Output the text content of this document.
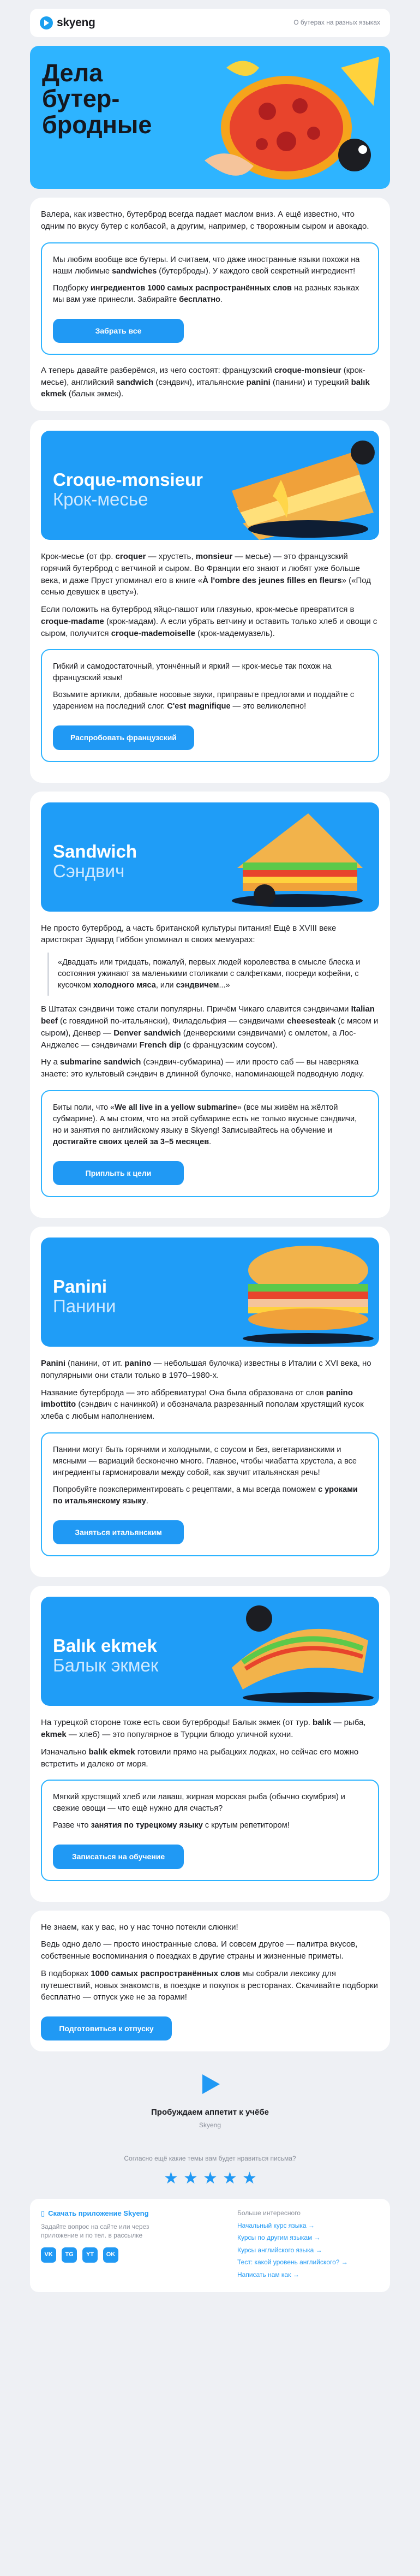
skyeng	О бутерах на разных языках
Дела бутер-бродные

Валера, как известно, бутерброд всегда падает маслом вниз. А ещё известно, что одним по вкусу бутер с колбасой, а другим, например, с творожным сыром и авокадо.

Мы любим вообще все бутеры. И считаем, что даже иностранные языки похожи на наши любимые sandwiches (бутерброды). У каждого свой секретный ингредиент!

Подборку ингредиентов 1000 самых распространённых слов на разных языках мы вам уже принесли. Забирайте бесплатно.

Забрать все

А теперь давайте разберёмся, из чего состоят: французский croque-monsieur (крок-месье), английский sandwich (сэндвич), итальянские panini (панини) и турецкий balık ekmek (балык экмек).

Croque-monsieur
Крок-месье

Крок-месье (от фр. croquer — хрустеть, monsieur — месье) — это французский горячий бутерброд с ветчиной и сыром. Во Франции его знают и любят уже больше века, и даже Пруст упоминал его в книге «À l'ombre des jeunes filles en fleurs» («Под сенью девушек в цвету»).

Если положить на бутерброд яйцо-пашот или глазунью, крок-месье превратится в croque-madame (крок-мадам). А если убрать ветчину и оставить только хлеб и овощи с сыром, получится croque-mademoiselle (крок-мадемуазель).

Гибкий и самодостаточный, утончённый и яркий — крок-месье так похож на французский язык!

Возьмите артикли, добавьте носовые звуки, приправьте предлогами и поддайте с ударением на последний слог. C'est magnifique — это великолепно!

Распробовать французский
Sandwich
Сэндвич

Не просто бутерброд, а часть британской культуры питания! Ещё в XVIII веке аристократ Эдвард Гиббон упоминал в своих мемуарах:

«Двадцать или тридцать, пожалуй, первых людей королевства в смысле блеска и состояния ужинают за маленькими столиками с салфетками, посреди кофейни, с кусочком холодного мяса, или сэндвичем...»

В Штатах сэндвичи тоже стали популярны. Причём Чикаго славится сэндвичами Italian beef (с говядиной по-итальянски), Филадельфия — сэндвичами cheesesteak (с мясом и сыром), Денвер — Denver sandwich (денверскими сэндвичами) с омлетом, а Лос-Анджелес — сэндвичами French dip (с французским соусом).

Ну а submarine sandwich (сэндвич-субмарина) — или просто саб — вы наверняка знаете: это культовый сэндвич в длинной булочке, напоминающей подводную лодку.

Биты поли, что «We all live in a yellow submarine» (все мы живём на жёлтой субмарине). А мы стоим, что на этой субмарине есть не только вкусные сэндвичи, но и занятия по английскому языку в Skyeng! Записывайтесь на обучение и достигайте своих целей за 3–5 месяцев.

Приплыть к цели
Panini
Панини

Panini (панини, от ит. panino — небольшая булочка) известны в Италии с XVI века, но популярными они стали только в 1970–1980-х.

Название бутерброда — это аббревиатура! Она была образована от слов panino imbottito (сэндвич с начинкой) и обозначала разрезанный пополам хрустящий кусок хлеба с любым наполнением.

Панини могут быть горячими и холодными, с соусом и без, вегетарианскими и мясными — вариаций бесконечно много. Главное, чтобы чиабатта хрустела, а все ингредиенты гармонировали между собой, как звучит итальянская речь!

Попробуйте поэкспериментировать с рецептами, а мы всегда поможем с уроками по итальянскому языку.

Заняться итальянским
Balık ekmek
Балык экмек

На турецкой стороне тоже есть свои бутерброды! Балык экмек (от тур. balık — рыба, ekmek — хлеб) — это популярное в Турции блюдо уличной кухни.

Изначально balık ekmek готовили прямо на рыбацких лодках, но сейчас его можно встретить и далеко от моря.

Мягкий хрустящий хлеб или лаваш, жирная морская рыба (обычно скумбрия) и свежие овощи — что ещё нужно для счастья?

Разве что занятия по турецкому языку с крутым репетитором!

Записаться на обучение

Не знаем, как у вас, но у нас точно потекли слюнки!

Ведь одно дело — просто иностранные слова. И совсем другое — палитра вкусов, собственные воспоминания о поездках в другие страны и жизненные приметы.

В подборках 1000 самых распространённых слов мы собрали лексику для путешествий, новых знакомств, в поездке и покупок в ресторанах. Скачивайте подборки бесплатно — отпуск уже не за горами!

Подготовиться к отпуску
Пробуждаем аппетит к учёбе
Skyeng
Согласно ещё какие темы вам будет нравиться письма?
★ ★ ★ ★ ★
▯ Скачать приложение Skyeng
Задайте вопрос на сайте или через приложение и по тел. в рассылке
VK	TG	YT	OK
Больше интересного
Начальный курс языка →
Курсы по другим языкам →
Курсы английского языка →
Тест: какой уровень английского? →
Написать нам как →
